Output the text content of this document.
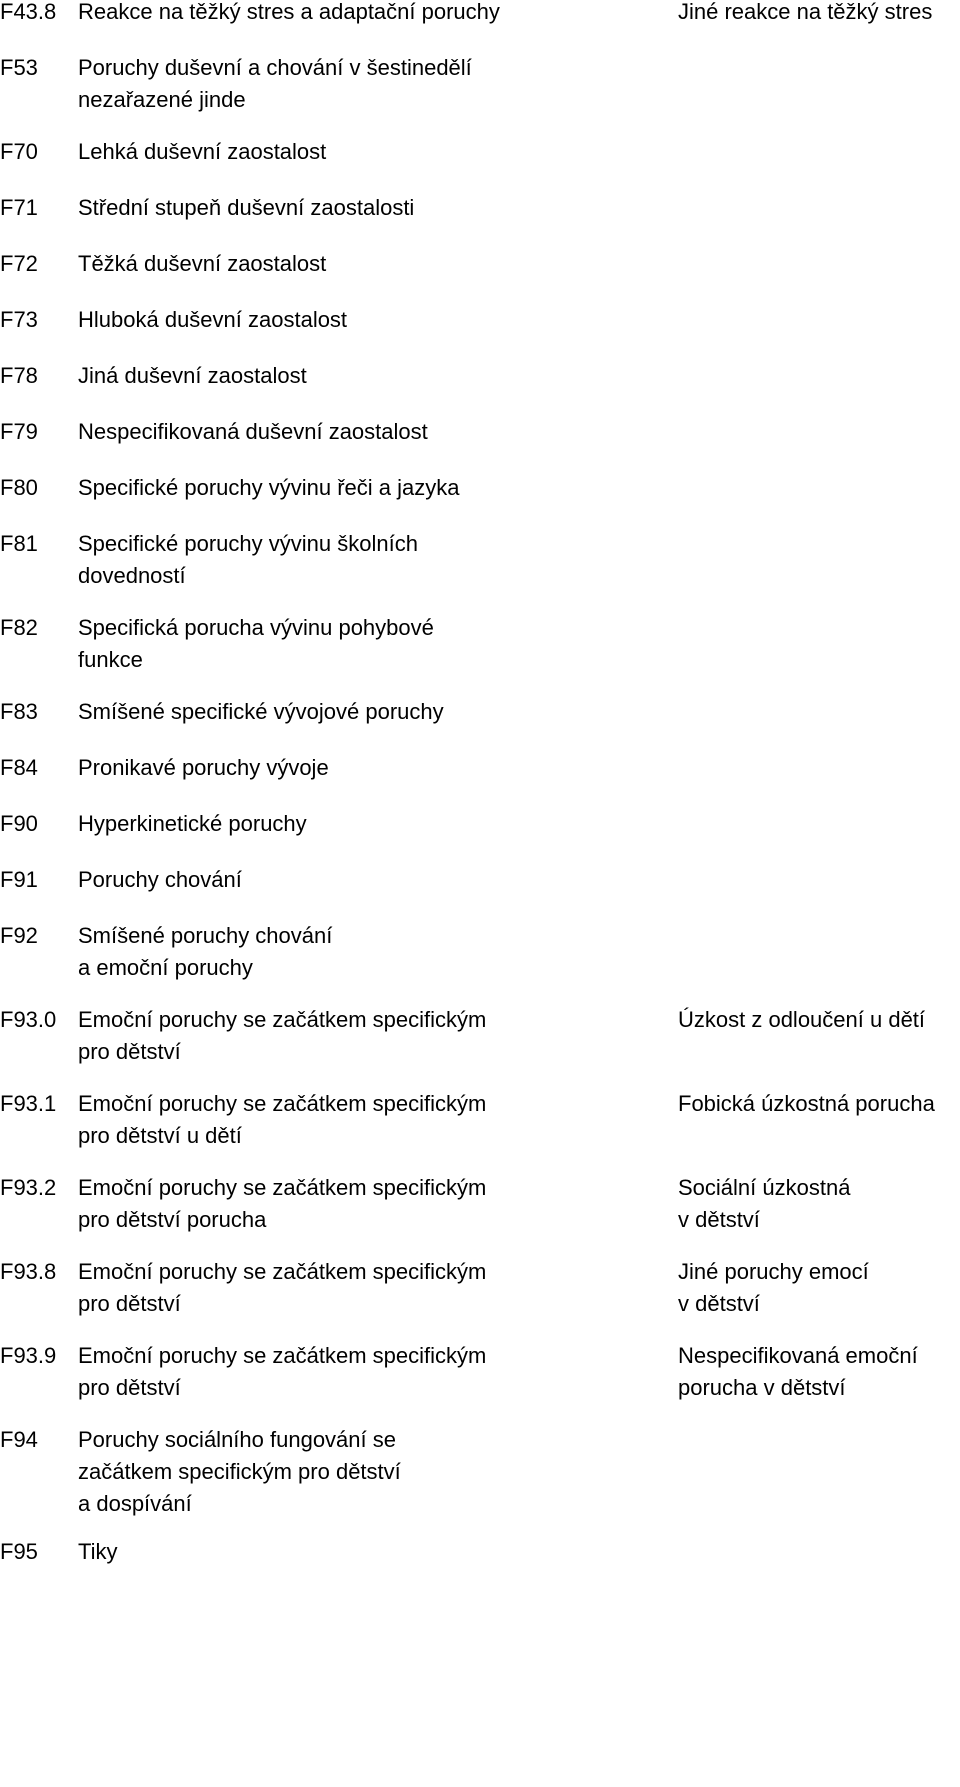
F43.8 Reakce na těžký stres a adaptační poruchy	Jiné reakce na těžký stres
F53 Poruchy duševní a chování v šestinedělí
nezařazené jinde
F70 Lehká duševní zaostalost
F71 Střední stupeň duševní zaostalosti
F72 Těžká duševní zaostalost
F73 Hluboká duševní zaostalost
F78 Jiná duševní zaostalost
F79 Nespecifikovaná duševní zaostalost
F80 Specifické poruchy vývinu řeči a jazyka
F81 Specifické poruchy vývinu školních
dovedností
F82 Specifická porucha vývinu pohybové
funkce
F83 Smíšené specifické vývojové poruchy
F84 Pronikavé poruchy vývoje
F90 Hyperkinetické poruchy
F91 Poruchy chování
F92 Smíšené poruchy chování
a emoční poruchy
F93.0 Emoční poruchy se začátkem specifickým
pro dětství
Úzkost z odloučení u dětí
F93.1 Emoční poruchy se začátkem specifickým
pro dětství u dětí
Fobická úzkostná porucha
F93.2 Emoční poruchy se začátkem specifickým
pro dětství porucha
Sociální úzkostná
v dětství
F93.8 Emoční poruchy se začátkem specifickým
pro dětství
Jiné poruchy emocí
v dětství
F93.9 Emoční poruchy se začátkem specifickým
pro dětství
Nespecifikovaná emoční
porucha v dětství
F94 Poruchy sociálního fungování se
začátkem specifickým pro dětství
a dospívání
F95 Tiky
